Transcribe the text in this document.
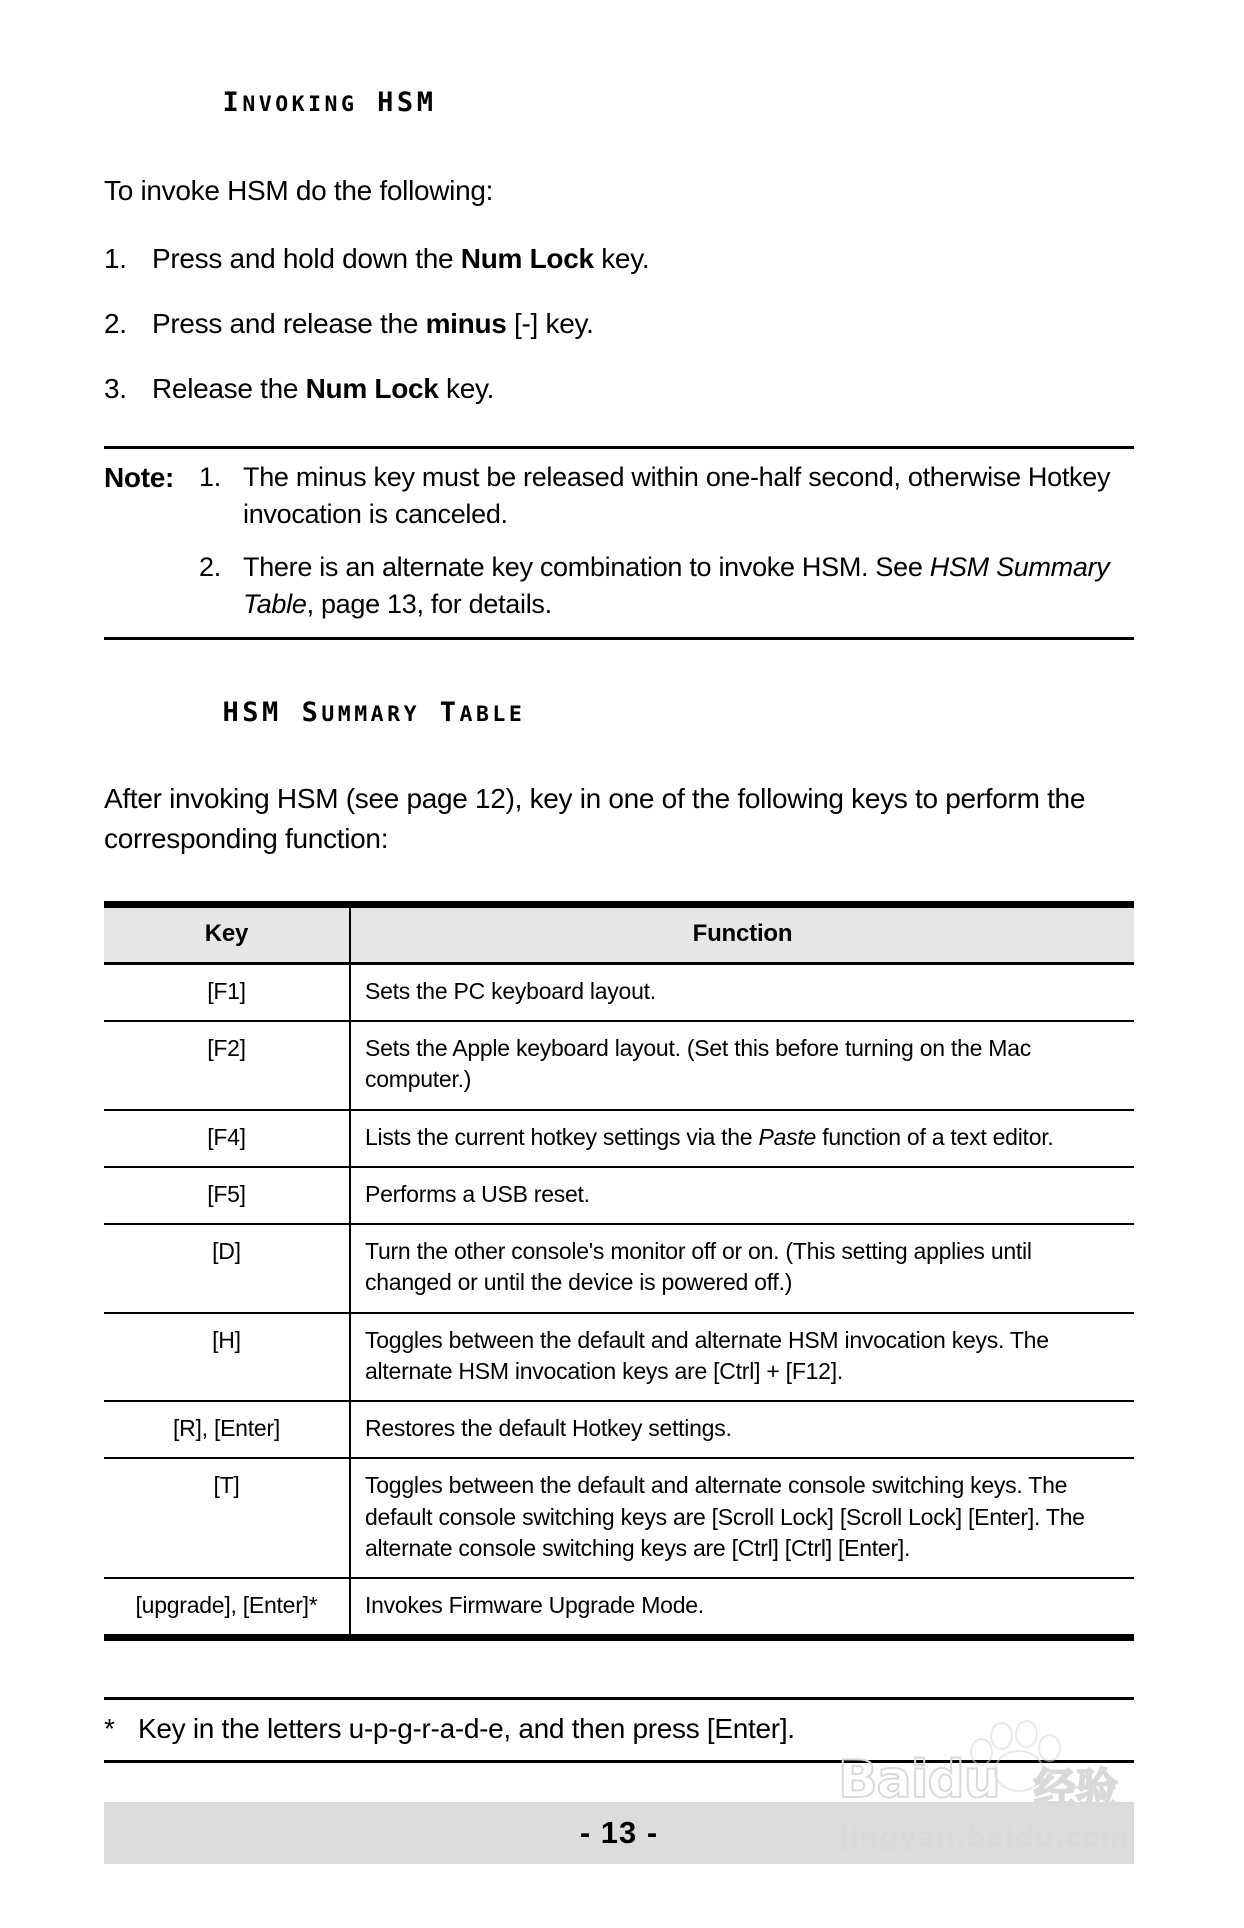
INVOKING HSM

To invoke HSM do the following:

1. Press and hold down the Num Lock key.
2. Press and release the minus [-] key.
3. Release the Num Lock key.
Note: 1. The minus key must be released within one-half second, otherwise Hotkey invocation is canceled.
2. There is an alternate key combination to invoke HSM. See HSM Summary Table, page 13, for details.

HSM SUMMARY TABLE

After invoking HSM (see page 12), key in one of the following keys to perform the corresponding function:

Key	Function
[F1]	Sets the PC keyboard layout.
[F2]	Sets the Apple keyboard layout. (Set this before turning on the Mac computer.)
[F4]	Lists the current hotkey settings via the Paste function of a text editor.
[F5]	Performs a USB reset.
[D]	Turn the other console's monitor off or on. (This setting applies until changed or until the device is powered off.)
[H]	Toggles between the default and alternate HSM invocation keys. The alternate HSM invocation keys are [Ctrl] + [F12].
[R], [Enter]	Restores the default Hotkey settings.
[T]	Toggles between the default and alternate console switching keys. The default console switching keys are [Scroll Lock] [Scroll Lock] [Enter]. The alternate console switching keys are [Ctrl] [Ctrl] [Enter].
[upgrade], [Enter]*	Invokes Firmware Upgrade Mode.
* Key in the letters u-p-g-r-a-d-e, and then press [Enter].
- 13 -
Baidu 经验
jingyan.baidu.com
